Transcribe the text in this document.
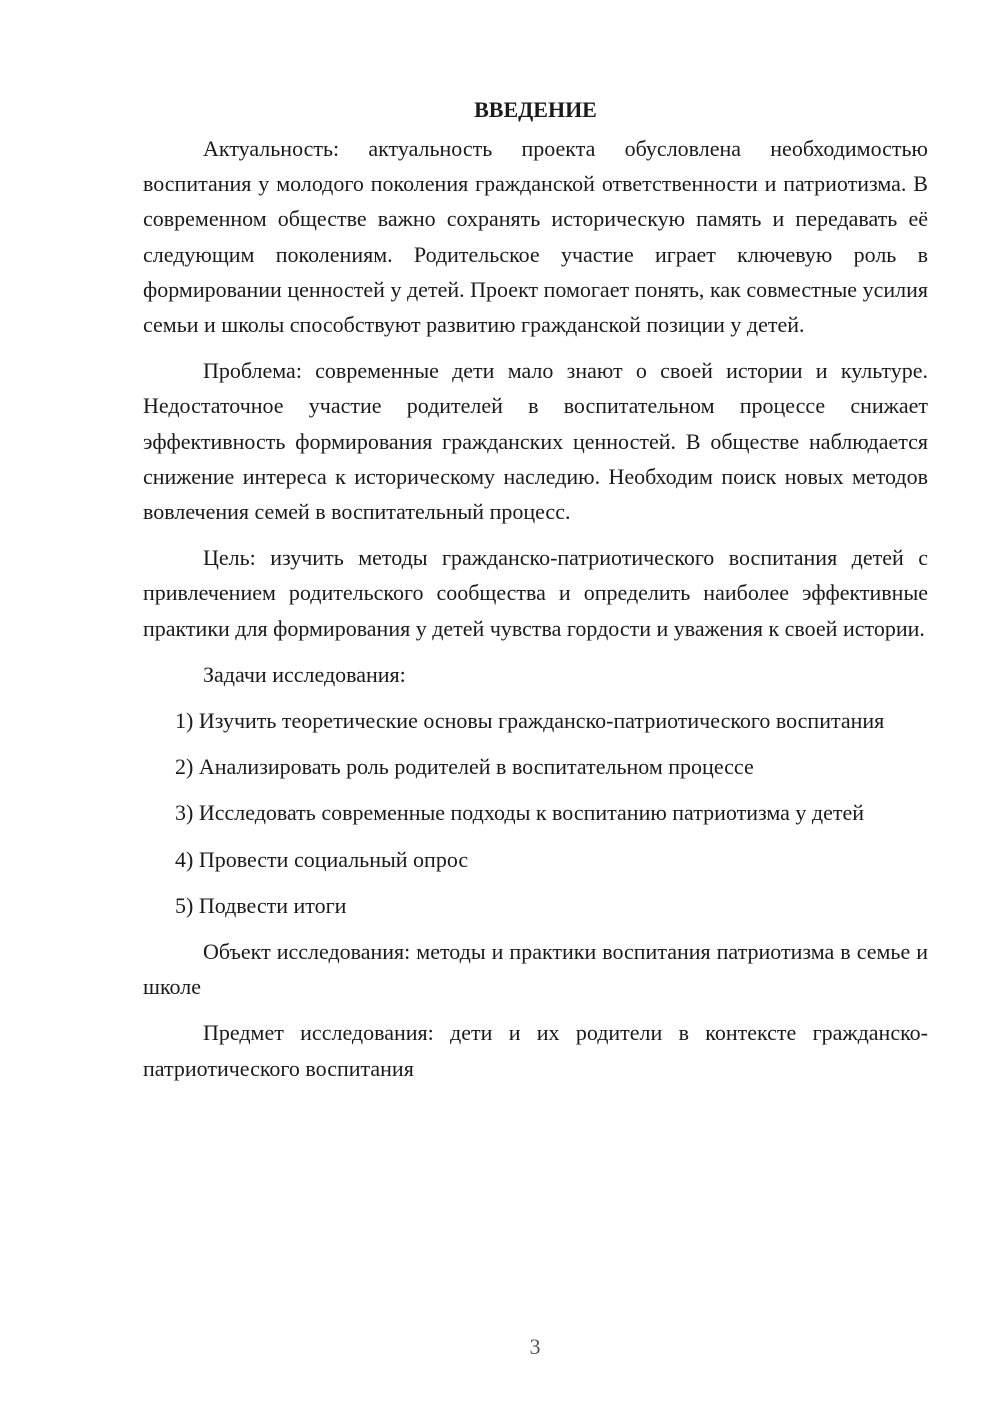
ВВЕДЕНИЕ

Актуальность: актуальность проекта обусловлена необходимостью воспитания у молодого поколения гражданской ответственности и патриотизма. В современном обществе важно сохранять историческую память и передавать её следующим поколениям. Родительское участие играет ключевую роль в формировании ценностей у детей. Проект помогает понять, как совместные усилия семьи и школы способствуют развитию гражданской позиции у детей.

Проблема: современные дети мало знают о своей истории и культуре. Недостаточное участие родителей в воспитательном процессе снижает эффективность формирования гражданских ценностей. В обществе наблюдается снижение интереса к историческому наследию. Необходим поиск новых методов вовлечения семей в воспитательный процесс.

Цель: изучить методы гражданско-патриотического воспитания детей с привлечением родительского сообщества и определить наиболее эффективные практики для формирования у детей чувства гордости и уважения к своей истории.

Задачи исследования:

1) Изучить теоретические основы гражданско-патриотического воспитания

2) Анализировать роль родителей в воспитательном процессе

3) Исследовать современные подходы к воспитанию патриотизма у детей

4) Провести социальный опрос

5) Подвести итоги

Объект исследования: методы и практики воспитания патриотизма в семье и школе

Предмет исследования: дети и их родители в контексте гражданско-патриотического воспитания

3
